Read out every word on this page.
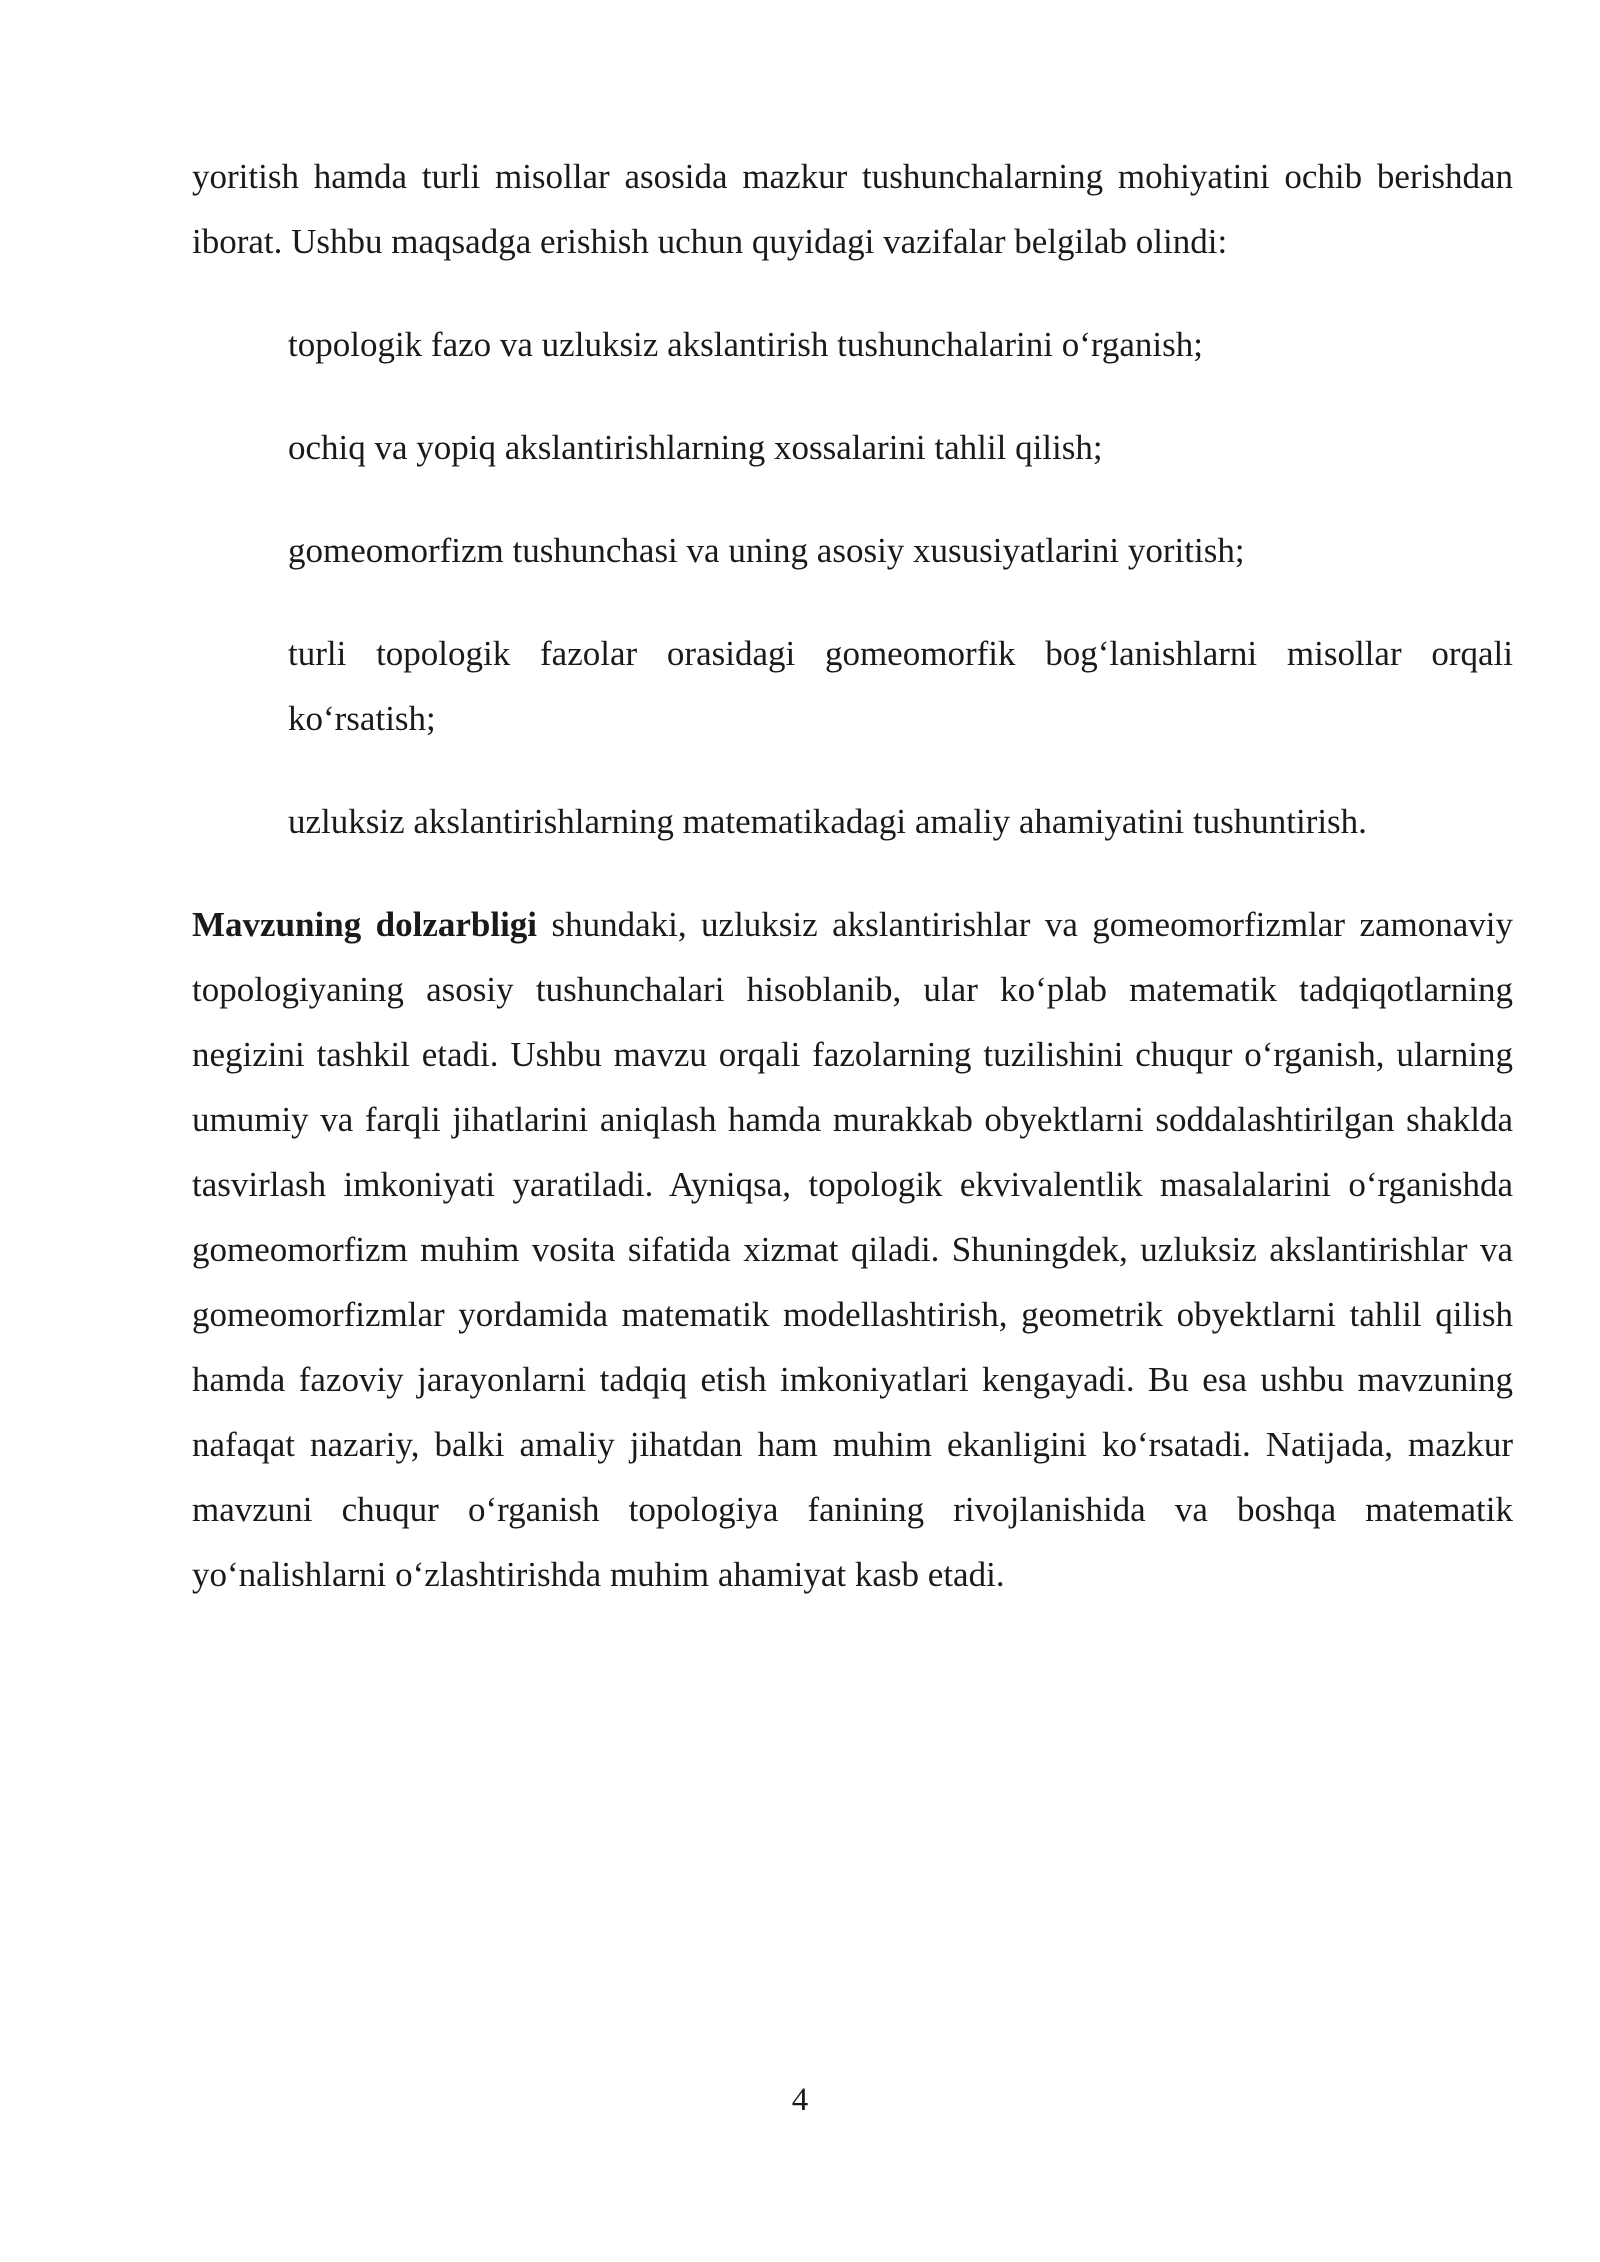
yoritish hamda turli misollar asosida mazkur tushunchalarning mohiyatini ochib berishdan iborat. Ushbu maqsadga erishish uchun quyidagi vazifalar belgilab olindi:

topologik fazo va uzluksiz akslantirish tushunchalarini o‘rganish;
ochiq va yopiq akslantirishlarning xossalarini tahlil qilish;
gomeomorfizm tushunchasi va uning asosiy xususiyatlarini yoritish;
turli topologik fazolar orasidagi gomeomorfik bog‘lanishlarni misollar orqali ko‘rsatish;
uzluksiz akslantirishlarning matematikadagi amaliy ahamiyatini tushuntirish.

Mavzuning dolzarbligi shundaki, uzluksiz akslantirishlar va gomeomorfizmlar zamonaviy topologiyaning asosiy tushunchalari hisoblanib, ular ko‘plab matematik tadqiqotlarning negizini tashkil etadi. Ushbu mavzu orqali fazolarning tuzilishini chuqur o‘rganish, ularning umumiy va farqli jihatlarini aniqlash hamda murakkab obyektlarni soddalashtirilgan shaklda tasvirlash imkoniyati yaratiladi. Ayniqsa, topologik ekvivalentlik masalalarini o‘rganishda gomeomorfizm muhim vosita sifatida xizmat qiladi. Shuningdek, uzluksiz akslantirishlar va gomeomorfizmlar yordamida matematik modellashtirish, geometrik obyektlarni tahlil qilish hamda fazoviy jarayonlarni tadqiq etish imkoniyatlari kengayadi. Bu esa ushbu mavzuning nafaqat nazariy, balki amaliy jihatdan ham muhim ekanligini ko‘rsatadi. Natijada, mazkur mavzuni chuqur o‘rganish topologiya fanining rivojlanishida va boshqa matematik yo‘nalishlarni o‘zlashtirishda muhim ahamiyat kasb etadi.

4
